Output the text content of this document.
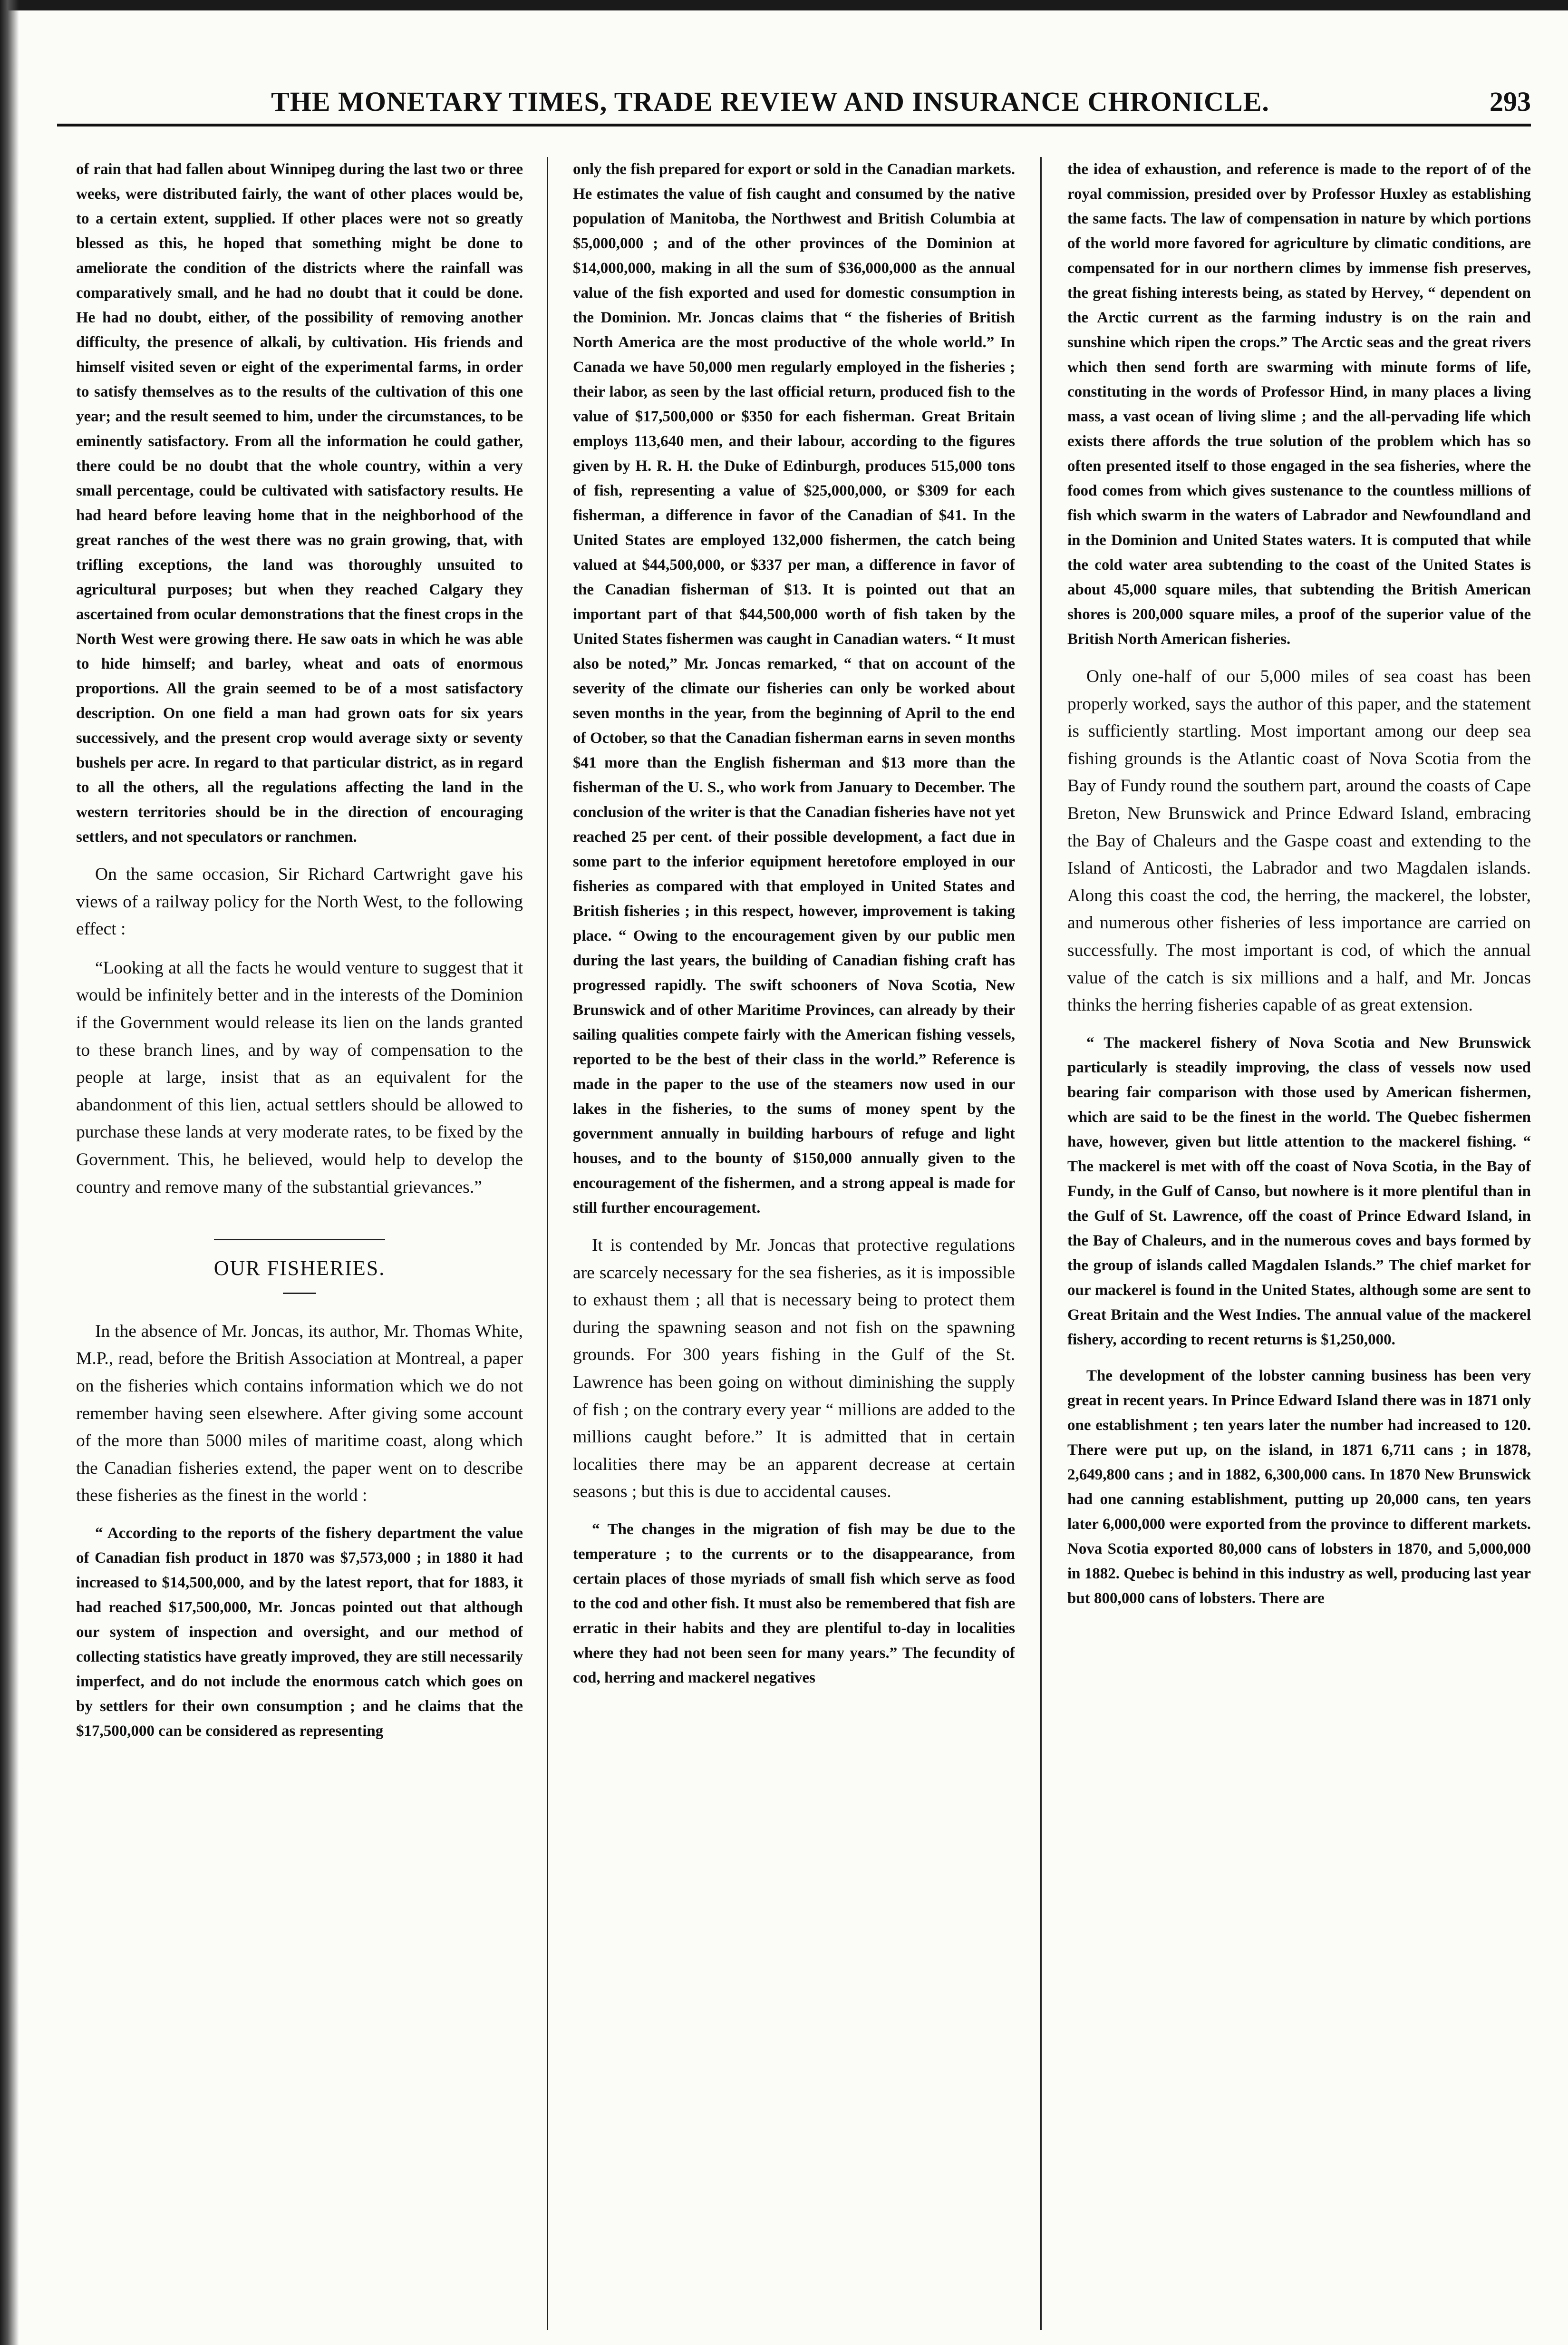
THE MONETARY TIMES, TRADE REVIEW AND INSURANCE CHRONICLE.	293

of rain that had fallen about Winnipeg during the last two or three weeks, were distributed fairly, the want of other places would be, to a certain extent, supplied. If other places were not so greatly blessed as this, he hoped that something might be done to ameliorate the condition of the districts where the rainfall was comparatively small, and he had no doubt that it could be done. He had no doubt, either, of the possibility of removing another difficulty, the presence of alkali, by cultivation. His friends and himself visited seven or eight of the experimental farms, in order to satisfy themselves as to the results of the cultivation of this one year; and the result seemed to him, under the circumstances, to be eminently satisfactory. From all the information he could gather, there could be no doubt that the whole country, within a very small percentage, could be cultivated with satisfactory results. He had heard before leaving home that in the neighborhood of the great ranches of the west there was no grain growing, that, with trifling exceptions, the land was thoroughly unsuited to agricultural purposes; but when they reached Calgary they ascertained from ocular demonstrations that the finest crops in the North West were growing there. He saw oats in which he was able to hide himself; and barley, wheat and oats of enormous proportions. All the grain seemed to be of a most satisfactory description. On one field a man had grown oats for six years successively, and the present crop would average sixty or seventy bushels per acre. In regard to that particular district, as in regard to all the others, all the regulations affecting the land in the western territories should be in the direction of encouraging settlers, and not speculators or ranchmen.

On the same occasion, Sir Richard Cartwright gave his views of a railway policy for the North West, to the following effect :

“Looking at all the facts he would venture to suggest that it would be infinitely better and in the interests of the Dominion if the Government would release its lien on the lands granted to these branch lines, and by way of compensation to the people at large, insist that as an equivalent for the abandonment of this lien, actual settlers should be allowed to purchase these lands at very moderate rates, to be fixed by the Government. This, he believed, would help to develop the country and remove many of the substantial grievances.”

OUR FISHERIES.

In the absence of Mr. Joncas, its author, Mr. Thomas White, M.P., read, before the British Association at Montreal, a paper on the fisheries which contains information which we do not remember having seen elsewhere. After giving some account of the more than 5000 miles of maritime coast, along which the Canadian fisheries extend, the paper went on to describe these fisheries as the finest in the world :

“ According to the reports of the fishery department the value of Canadian fish product in 1870 was $7,573,000 ; in 1880 it had increased to $14,500,000, and by the latest report, that for 1883, it had reached $17,500,000, Mr. Joncas pointed out that although our system of inspection and oversight, and our method of collecting statistics have greatly improved, they are still necessarily imperfect, and do not include the enormous catch which goes on by settlers for their own consumption ; and he claims that the $17,500,000 can be considered as representing

only the fish prepared for export or sold in the Canadian markets. He estimates the value of fish caught and consumed by the native population of Manitoba, the Northwest and British Columbia at $5,000,000 ; and of the other provinces of the Dominion at $14,000,000, making in all the sum of $36,000,000 as the annual value of the fish exported and used for domestic consumption in the Dominion. Mr. Joncas claims that “ the fisheries of British North America are the most productive of the whole world.” In Canada we have 50,000 men regularly employed in the fisheries ; their labor, as seen by the last official return, produced fish to the value of $17,500,000 or $350 for each fisherman. Great Britain employs 113,640 men, and their labour, according to the figures given by H. R. H. the Duke of Edinburgh, produces 515,000 tons of fish, representing a value of $25,000,000, or $309 for each fisherman, a difference in favor of the Canadian of $41. In the United States are employed 132,000 fishermen, the catch being valued at $44,500,000, or $337 per man, a difference in favor of the Canadian fisherman of $13. It is pointed out that an important part of that $44,500,000 worth of fish taken by the United States fishermen was caught in Canadian waters. “ It must also be noted,” Mr. Joncas remarked, “ that on account of the severity of the climate our fisheries can only be worked about seven months in the year, from the beginning of April to the end of October, so that the Canadian fisherman earns in seven months $41 more than the English fisherman and $13 more than the fisherman of the U. S., who work from January to December. The conclusion of the writer is that the Canadian fisheries have not yet reached 25 per cent. of their possible development, a fact due in some part to the inferior equipment heretofore employed in our fisheries as compared with that employed in United States and British fisheries ; in this respect, however, improvement is taking place. “ Owing to the encouragement given by our public men during the last years, the building of Canadian fishing craft has progressed rapidly. The swift schooners of Nova Scotia, New Brunswick and of other Maritime Provinces, can already by their sailing qualities compete fairly with the American fishing vessels, reported to be the best of their class in the world.” Reference is made in the paper to the use of the steamers now used in our lakes in the fisheries, to the sums of money spent by the government annually in building harbours of refuge and light houses, and to the bounty of $150,000 annually given to the encouragement of the fishermen, and a strong appeal is made for still further encouragement.

It is contended by Mr. Joncas that protective regulations are scarcely necessary for the sea fisheries, as it is impossible to exhaust them ; all that is necessary being to protect them during the spawning season and not fish on the spawning grounds. For 300 years fishing in the Gulf of the St. Lawrence has been going on without diminishing the supply of fish ; on the contrary every year “ millions are added to the millions caught before.” It is admitted that in certain localities there may be an apparent decrease at certain seasons ; but this is due to accidental causes.

“ The changes in the migration of fish may be due to the temperature ; to the currents or to the disappearance, from certain places of those myriads of small fish which serve as food to the cod and other fish. It must also be remembered that fish are erratic in their habits and they are plentiful to-day in localities where they had not been seen for many years.” The fecundity of cod, herring and mackerel negatives

the idea of exhaustion, and reference is made to the report of of the royal commission, presided over by Professor Huxley as establishing the same facts. The law of compensation in nature by which portions of the world more favored for agriculture by climatic conditions, are compensated for in our northern climes by immense fish preserves, the great fishing interests being, as stated by Hervey, “ dependent on the Arctic current as the farming industry is on the rain and sunshine which ripen the crops.” The Arctic seas and the great rivers which then send forth are swarming with minute forms of life, constituting in the words of Professor Hind, in many places a living mass, a vast ocean of living slime ; and the all-pervading life which exists there affords the true solution of the problem which has so often presented itself to those engaged in the sea fisheries, where the food comes from which gives sustenance to the countless millions of fish which swarm in the waters of Labrador and Newfoundland and in the Dominion and United States waters. It is computed that while the cold water area subtending to the coast of the United States is about 45,000 square miles, that subtending the British American shores is 200,000 square miles, a proof of the superior value of the British North American fisheries.

Only one-half of our 5,000 miles of sea coast has been properly worked, says the author of this paper, and the statement is sufficiently startling. Most important among our deep sea fishing grounds is the Atlantic coast of Nova Scotia from the Bay of Fundy round the southern part, around the coasts of Cape Breton, New Brunswick and Prince Edward Island, embracing the Bay of Chaleurs and the Gaspe coast and extending to the Island of Anticosti, the Labrador and two Magdalen islands. Along this coast the cod, the herring, the mackerel, the lobster, and numerous other fisheries of less importance are carried on successfully. The most important is cod, of which the annual value of the catch is six millions and a half, and Mr. Joncas thinks the herring fisheries capable of as great extension.

“ The mackerel fishery of Nova Scotia and New Brunswick particularly is steadily improving, the class of vessels now used bearing fair comparison with those used by American fishermen, which are said to be the finest in the world. The Quebec fishermen have, however, given but little attention to the mackerel fishing. “ The mackerel is met with off the coast of Nova Scotia, in the Bay of Fundy, in the Gulf of Canso, but nowhere is it more plentiful than in the Gulf of St. Lawrence, off the coast of Prince Edward Island, in the Bay of Chaleurs, and in the numerous coves and bays formed by the group of islands called Magdalen Islands.” The chief market for our mackerel is found in the United States, although some are sent to Great Britain and the West Indies. The annual value of the mackerel fishery, according to recent returns is $1,250,000.

The development of the lobster canning business has been very great in recent years. In Prince Edward Island there was in 1871 only one establishment ; ten years later the number had increased to 120. There were put up, on the island, in 1871 6,711 cans ; in 1878, 2,649,800 cans ; and in 1882, 6,300,000 cans. In 1870 New Brunswick had one canning establishment, putting up 20,000 cans, ten years later 6,000,000 were exported from the province to different markets. Nova Scotia exported 80,000 cans of lobsters in 1870, and 5,000,000 in 1882. Quebec is behind in this industry as well, producing last year but 800,000 cans of lobsters. There are
